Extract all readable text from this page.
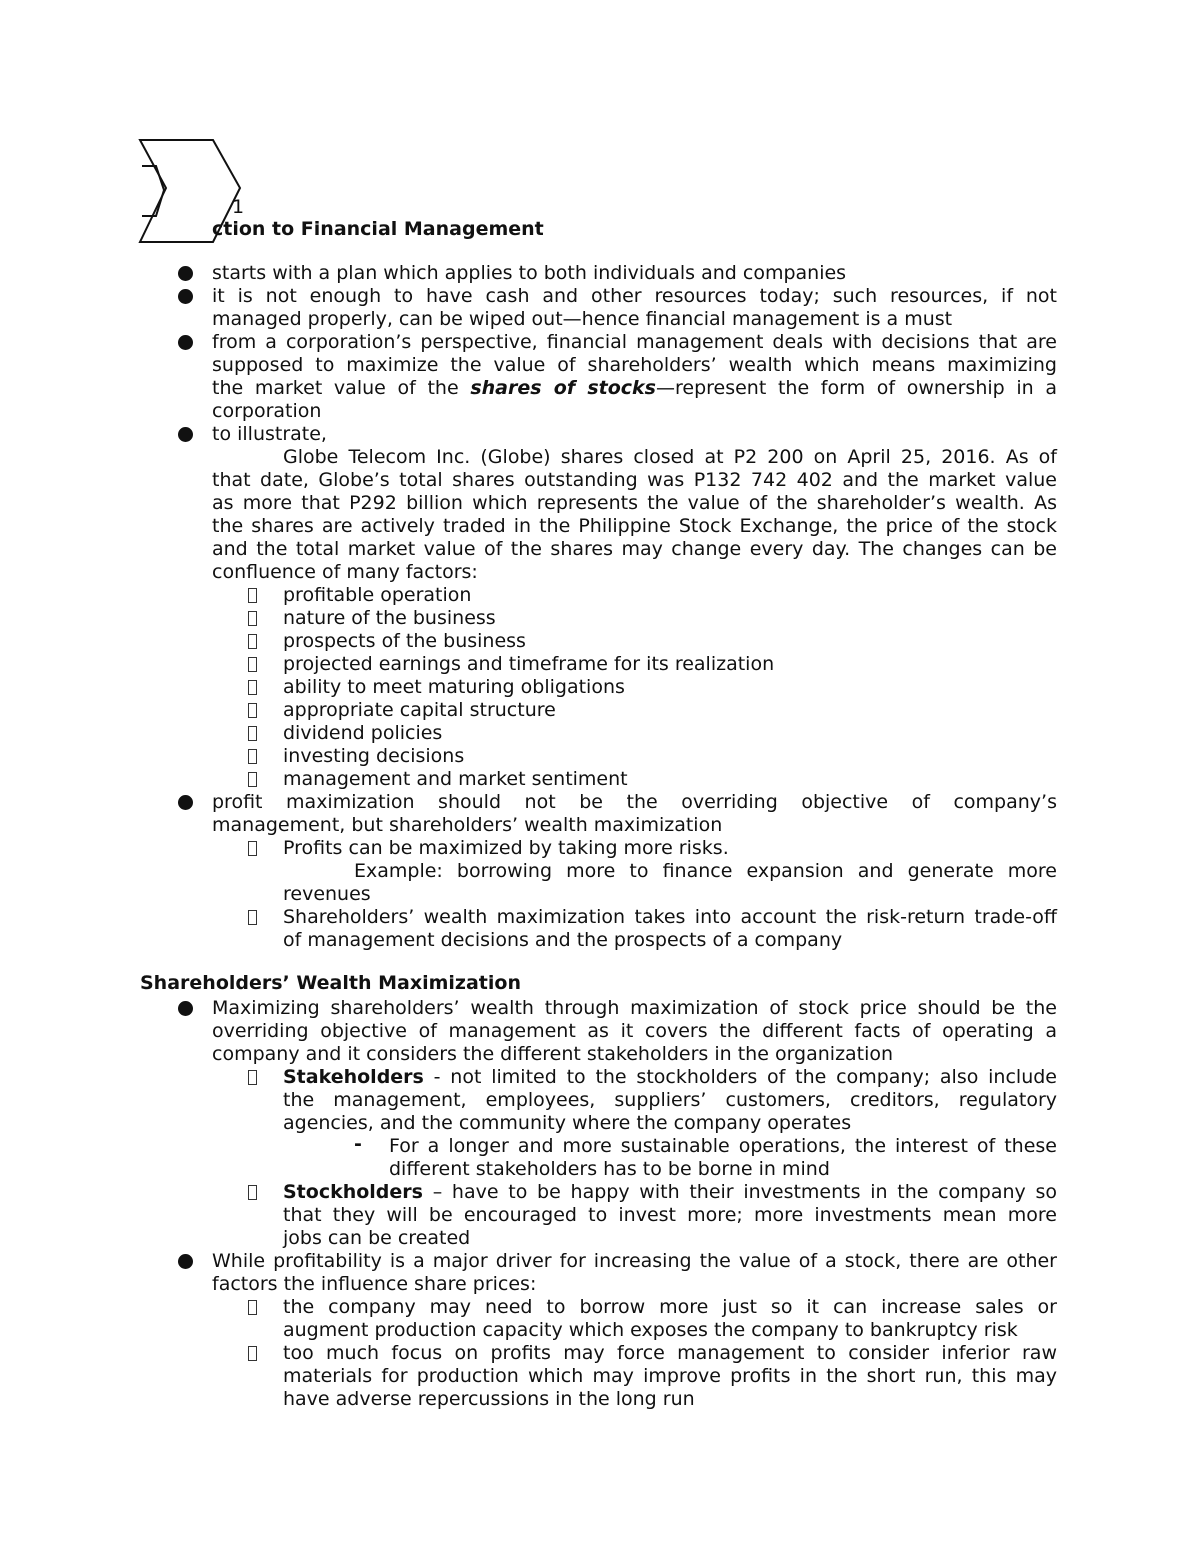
1
ction to Financial Management
starts with a plan which applies to both individuals and companies
it is not enough to have cash and other resources today; such resources, if not
managed properly, can be wiped out—hence financial management is a must
from a corporation’s perspective, financial management deals with decisions that are
supposed to maximize the value of shareholders’ wealth which means maximizing
the market value of the shares of stocks—represent the form of ownership in a
corporation
to illustrate,
Globe Telecom Inc. (Globe) shares closed at P2 200 on April 25, 2016. As of
that date, Globe’s total shares outstanding was P132 742 402 and the market value
as more that P292 billion which represents the value of the shareholder’s wealth. As
the shares are actively traded in the Philippine Stock Exchange, the price of the stock
and the total market value of the shares may change every day. The changes can be
confluence of many factors:
profitable operation
nature of the business
prospects of the business
projected earnings and timeframe for its realization
ability to meet maturing obligations
appropriate capital structure
dividend policies
investing decisions
management and market sentiment
profit maximization should not be the overriding objective of company’s
management, but shareholders’ wealth maximization
Profits can be maximized by taking more risks.
Example: borrowing more to finance expansion and generate more
revenues
Shareholders’ wealth maximization takes into account the risk-return trade-off
of management decisions and the prospects of a company
Shareholders’ Wealth Maximization
Maximizing shareholders’ wealth through maximization of stock price should be the
overriding objective of management as it covers the different facts of operating a
company and it considers the different stakeholders in the organization
Stakeholders - not limited to the stockholders of the company; also include
the management, employees, suppliers’ customers, creditors, regulatory
agencies, and the community where the company operates
- For a longer and more sustainable operations, the interest of these
different stakeholders has to be borne in mind
Stockholders – have to be happy with their investments in the company so
that they will be encouraged to invest more; more investments mean more
jobs can be created
While profitability is a major driver for increasing the value of a stock, there are other
factors the influence share prices:
the company may need to borrow more just so it can increase sales or
augment production capacity which exposes the company to bankruptcy risk
too much focus on profits may force management to consider inferior raw
materials for production which may improve profits in the short run, this may
have adverse repercussions in the long run
